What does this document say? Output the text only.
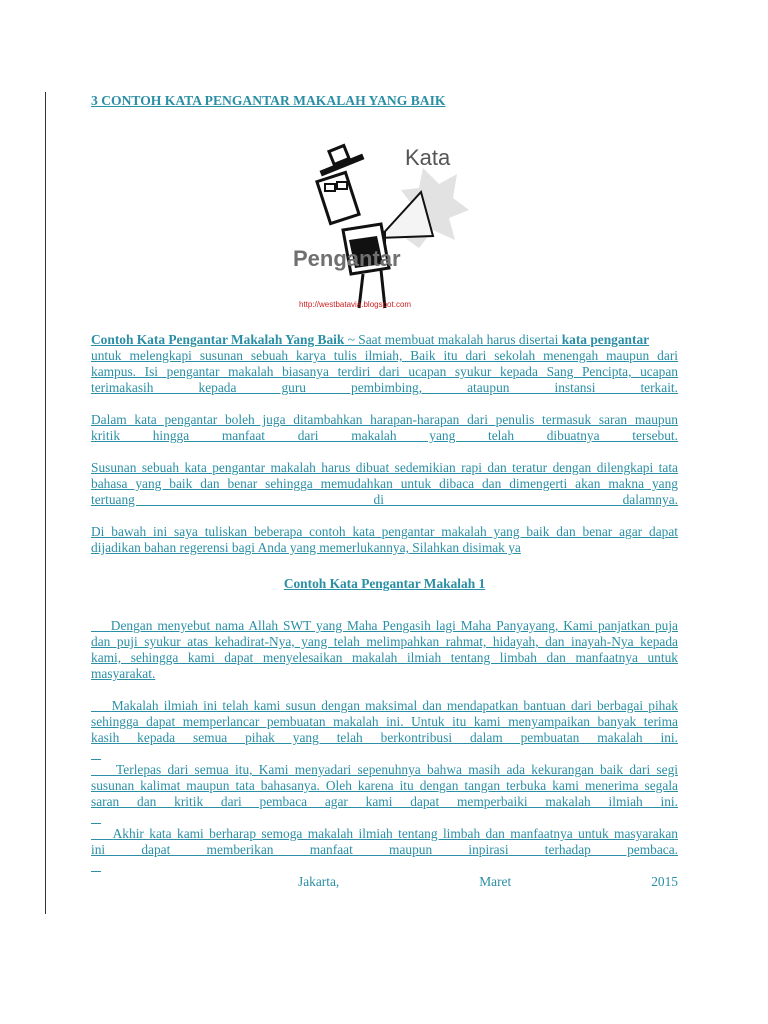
3 CONTOH KATA PENGANTAR MAKALAH YANG BAIK
Kata
Pengantar
http://westbatavia.blogspot.com

Contoh Kata Pengantar Makalah Yang Baik ~ Saat membuat makalah harus disertai kata pengantar

untuk melengkapi susunan sebuah karya tulis ilmiah, Baik itu dari sekolah menengah maupun dari

kampus. Isi pengantar makalah biasanya terdiri dari ucapan syukur kepada Sang Pencipta, ucapan

terimakasih kepada guru pembimbing, ataupun instansi terkait.

Dalam kata pengantar boleh juga ditambahkan harapan-harapan dari penulis termasuk saran maupun

kritik hingga manfaat dari makalah yang telah dibuatnya tersebut.

Susunan sebuah kata pengantar makalah harus dibuat sedemikian rapi dan teratur dengan dilengkapi tata

bahasa yang baik dan benar sehingga memudahkan untuk dibaca dan dimengerti akan makna yang

tertuang di dalamnya.

Di bawah ini saya tuliskan beberapa contoh kata pengantar makalah yang baik dan benar agar dapat

dijadikan bahan regerensi bagi Anda yang memerlukannya, Silahkan disimak ya

Contoh Kata Pengantar Makalah 1

Dengan menyebut nama Allah SWT yang Maha Pengasih lagi Maha Panyayang, Kami panjatkan puja

dan puji syukur atas kehadirat-Nya, yang telah melimpahkan rahmat, hidayah, dan inayah-Nya kepada

kami, sehingga kami dapat menyelesaikan makalah ilmiah tentang limbah dan manfaatnya untuk

masyarakat.

Makalah ilmiah ini telah kami susun dengan maksimal dan mendapatkan bantuan dari berbagai pihak

sehingga dapat memperlancar pembuatan makalah ini. Untuk itu kami menyampaikan banyak terima

kasih kepada semua pihak yang telah berkontribusi dalam pembuatan makalah ini.

Terlepas dari semua itu, Kami menyadari sepenuhnya bahwa masih ada kekurangan baik dari segi

susunan kalimat maupun tata bahasanya. Oleh karena itu dengan tangan terbuka kami menerima segala

saran dan kritik dari pembaca agar kami dapat memperbaiki makalah ilmiah ini.

Akhir kata kami berharap semoga makalah ilmiah tentang limbah dan manfaatnya untuk masyarakan

ini dapat memberikan manfaat maupun inpirasi terhadap pembaca.

Jakarta, Maret 2015
